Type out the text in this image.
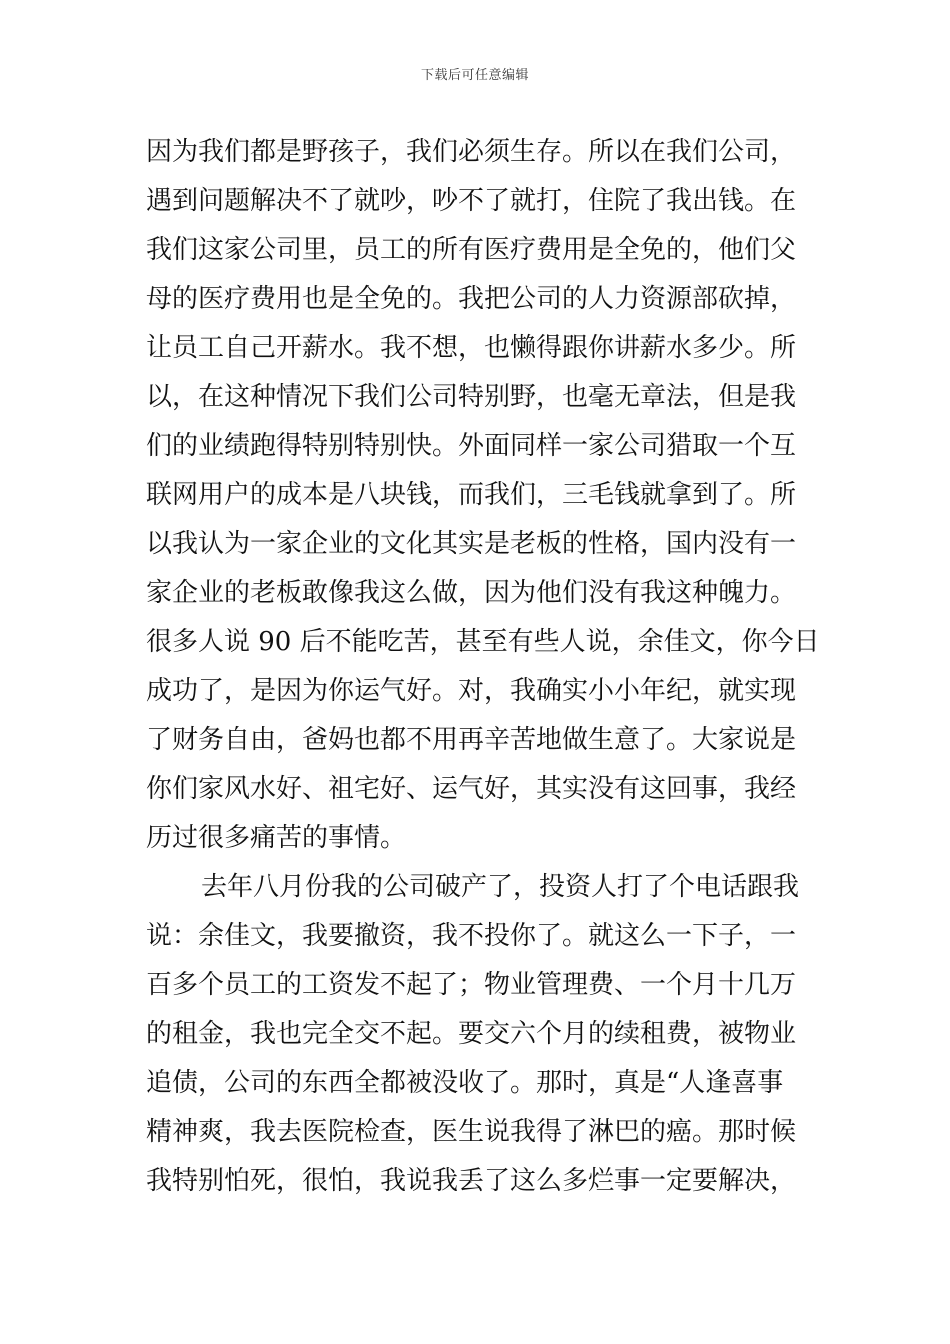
下载后可任意编辑
因为我们都是野孩子，我们必须生存。所以在我们公司，
遇到问题解决不了就吵，吵不了就打，住院了我出钱。在
我们这家公司里，员工的所有医疗费用是全免的，他们父
母的医疗费用也是全免的。我把公司的人力资源部砍掉，
让员工自己开薪水。我不想，也懒得跟你讲薪水多少。所
以，在这种情况下我们公司特别野，也毫无章法，但是我
们的业绩跑得特别特别快。外面同样一家公司猎取一个互
联网用户的成本是八块钱，而我们，三毛钱就拿到了。所
以我认为一家企业的文化其实是老板的性格，国内没有一
家企业的老板敢像我这么做，因为他们没有我这种魄力。
很多人说 90 后不能吃苦，甚至有些人说，余佳文，你今日
成功了，是因为你运气好。对，我确实小小年纪，就实现
了财务自由，爸妈也都不用再辛苦地做生意了。大家说是
你们家风水好、祖宅好、运气好，其实没有这回事，我经
历过很多痛苦的事情。
去年八月份我的公司破产了，投资人打了个电话跟我
说：余佳文，我要撤资，我不投你了。就这么一下子，一
百多个员工的工资发不起了；物业管理费、一个月十几万
的租金，我也完全交不起。要交六个月的续租费，被物业
追债，公司的东西全都被没收了。那时，真是“人逢喜事
精神爽，我去医院检查，医生说我得了淋巴的癌。那时候
我特别怕死，很怕，我说我丢了这么多烂事一定要解决，
